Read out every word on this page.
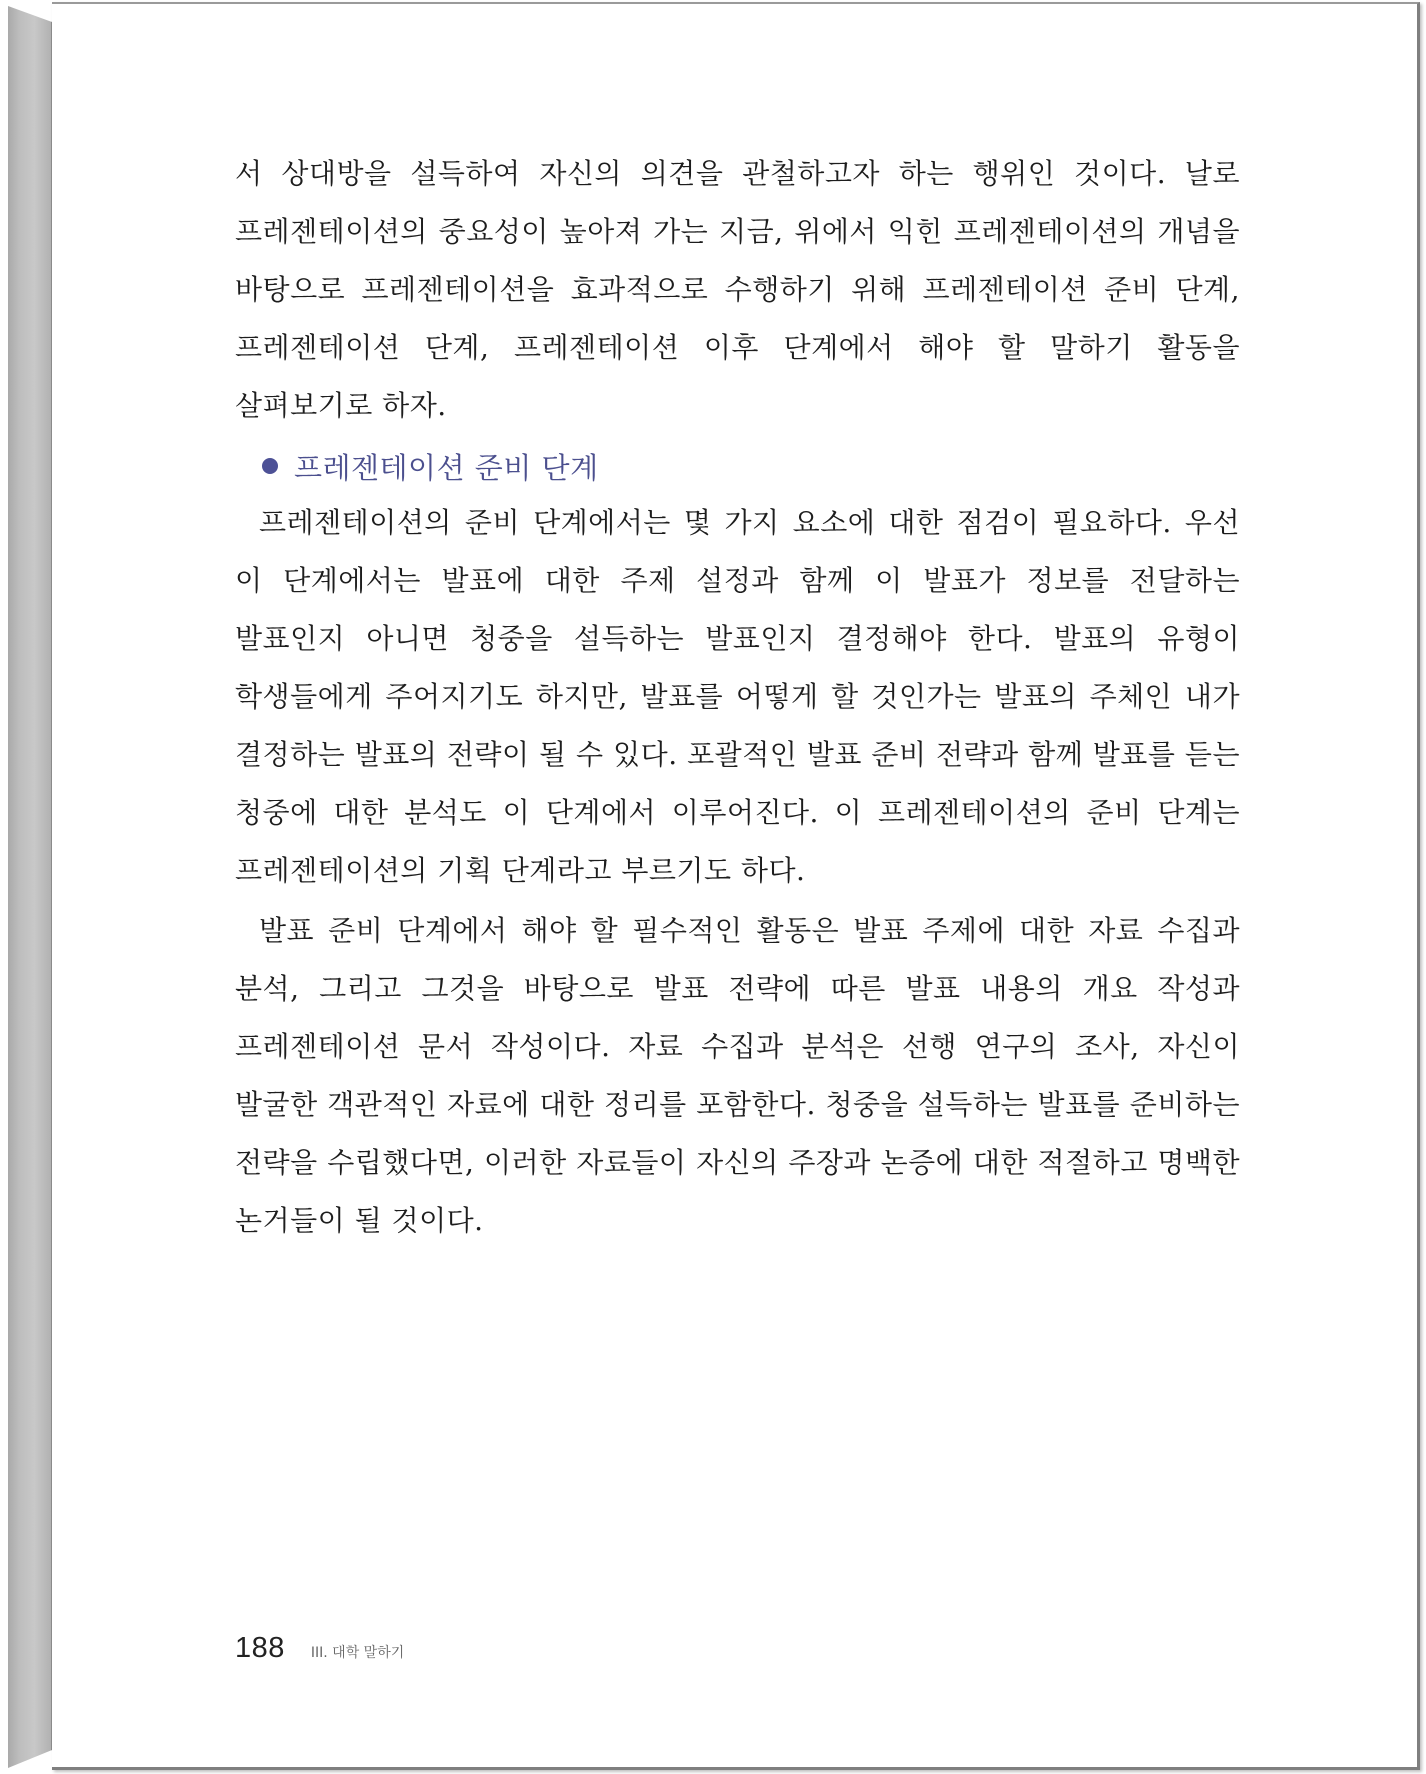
서 상대방을 설득하여 자신의 의견을 관철하고자 하는 행위인 것이다. 날로 프레젠테이션의 중요성이 높아져 가는 지금, 위에서 익힌 프레젠테이션의 개념을 바탕으로 프레젠테이션을 효과적으로 수행하기 위해 프레젠테이션 준비 단계, 프레젠테이션 단계, 프레젠테이션 이후 단계에서 해야 할 말하기 활동을 살펴보기로 하자.

프레젠테이션 준비 단계

프레젠테이션의 준비 단계에서는 몇 가지 요소에 대한 점검이 필요하다. 우선 이 단계에서는 발표에 대한 주제 설정과 함께 이 발표가 정보를 전달하는 발표인지 아니면 청중을 설득하는 발표인지 결정해야 한다. 발표의 유형이 학생들에게 주어지기도 하지만, 발표를 어떻게 할 것인가는 발표의 주체인 내가 결정하는 발표의 전략이 될 수 있다. 포괄적인 발표 준비 전략과 함께 발표를 듣는 청중에 대한 분석도 이 단계에서 이루어진다. 이 프레젠테이션의 준비 단계는 프레젠테이션의 기획 단계라고 부르기도 하다.

발표 준비 단계에서 해야 할 필수적인 활동은 발표 주제에 대한 자료 수집과 분석, 그리고 그것을 바탕으로 발표 전략에 따른 발표 내용의 개요 작성과 프레젠테이션 문서 작성이다. 자료 수집과 분석은 선행 연구의 조사, 자신이 발굴한 객관적인 자료에 대한 정리를 포함한다. 청중을 설득하는 발표를 준비하는 전략을 수립했다면, 이러한 자료들이 자신의 주장과 논증에 대한 적절하고 명백한 논거들이 될 것이다.

188 III. 대학 말하기
